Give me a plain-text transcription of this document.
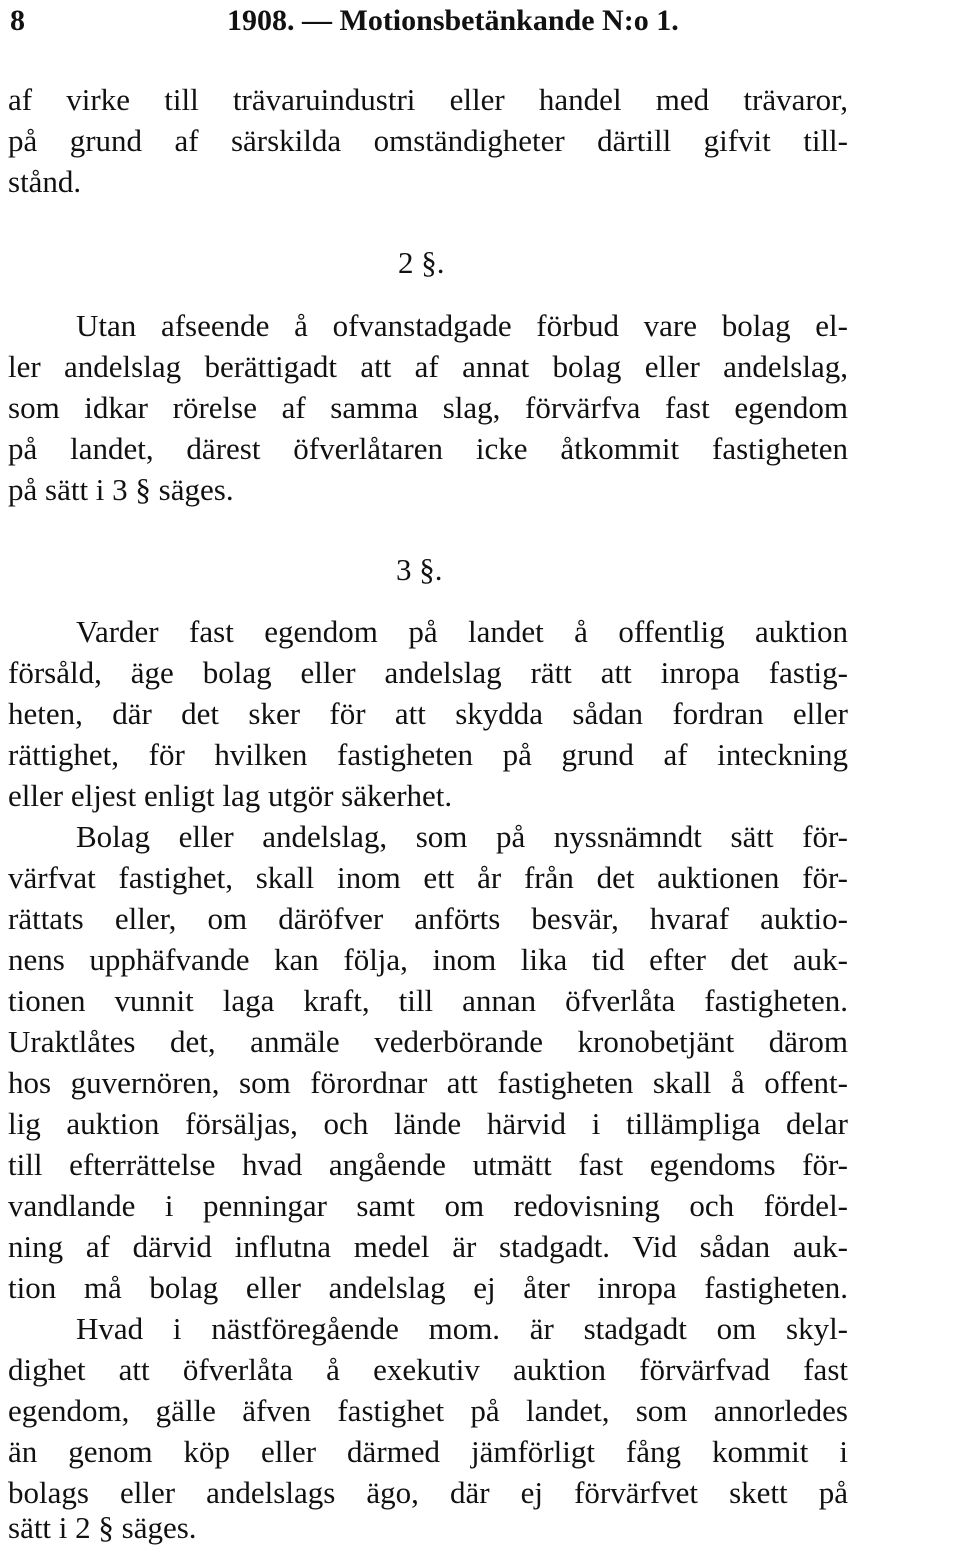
8	1908. — Motionsbetänkande N:o 1.
af virke till trävaruindustri eller handel med trävaror,
på grund af särskilda omständigheter därtill gifvit till-
stånd.
2 §.
Utan afseende å ofvanstadgade förbud vare bolag el-
ler andelslag berättigadt att af annat bolag eller andelslag,
som idkar rörelse af samma slag, förvärfva fast egendom
på landet, därest öfverlåtaren icke åtkommit fastigheten
på sätt i 3 § säges.
3 §.
Varder fast egendom på landet å offentlig auktion
försåld, äge bolag eller andelslag rätt att inropa fastig-
heten, där det sker för att skydda sådan fordran eller
rättighet, för hvilken fastigheten på grund af inteckning
eller eljest enligt lag utgör säkerhet.
Bolag eller andelslag, som på nyssnämndt sätt för-
värfvat fastighet, skall inom ett år från det auktionen för-
rättats eller, om däröfver anförts besvär, hvaraf auktio-
nens upphäfvande kan följa, inom lika tid efter det auk-
tionen vunnit laga kraft, till annan öfverlåta fastigheten.
Uraktlåtes det, anmäle vederbörande kronobetjänt därom
hos guvernören, som förordnar att fastigheten skall å offent-
lig auktion försäljas, och lände härvid i tillämpliga delar
till efterrättelse hvad angående utmätt fast egendoms för-
vandlande i penningar samt om redovisning och fördel-
ning af därvid influtna medel är stadgadt. Vid sådan auk-
tion må bolag eller andelslag ej åter inropa fastigheten.
Hvad i nästföregående mom. är stadgadt om skyl-
dighet att öfverlåta å exekutiv auktion förvärfvad fast
egendom, gälle äfven fastighet på landet, som annorledes
än genom köp eller därmed jämförligt fång kommit i
bolags eller andelslags ägo, där ej förvärfvet skett på
sätt i 2 § säges.
